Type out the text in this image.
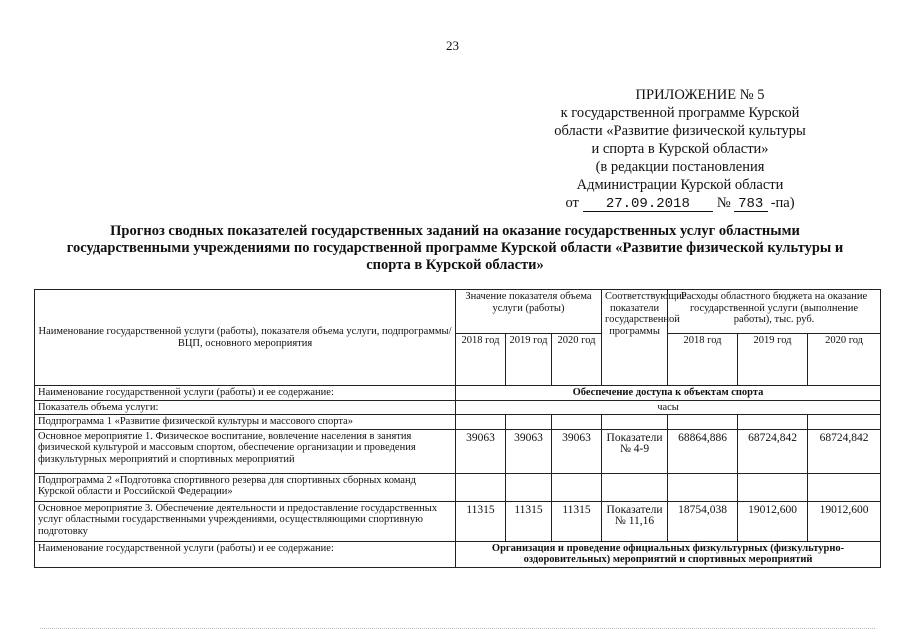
23
ПРИЛОЖЕНИЕ № 5
к государственной программе Курской
области «Развитие физической культуры
и спорта в Курской области»
(в редакции постановления
Администрации Курской области
от	27.09.2018	№ 783 -па)
Прогноз сводных показателей государственных заданий на оказание государственных услуг областными государственными учреждениями по государственной программе Курской области «Развитие физической культуры и спорта в Курской области»
Наименование государственной услуги (работы), показателя объема услуги, подпрограммы/ВЦП, основного мероприятия	Значение показателя объема услуги (работы)			Соответствующие показатели государственной программы	Расходы областного бюджета на оказание государственной услуги (выполнение работы), тыс. руб.		
	2018 год	2019 год	2020 год		2018 год	2019 год	2020 год
Наименование государственной услуги (работы) и ее содержание:	Обеспечение доступа к объектам спорта						
Показатель объема услуги:	часы						
Подпрограмма 1 «Развитие физической культуры и массового спорта»							
Основное мероприятие 1. Физическое воспитание, вовлечение населения в занятия физической культурой и массовым спортом, обеспечение организации и проведения физкультурных мероприятий и спортивных мероприятий	39063	39063	39063	Показатели № 4-9	68864,886	68724,842	68724,842
Подпрограмма 2 «Подготовка спортивного резерва для спортивных сборных команд Курской области и Российской Федерации»							
Основное мероприятие 3. Обеспечение деятельности и предоставление государственных услуг областными государственными учреждениями, осуществляющими спортивную подготовку	11315	11315	11315	Показатели № 11,16	18754,038	19012,600	19012,600
Наименование государственной услуги (работы) и ее содержание:	Организация и проведение официальных физкультурных (физкультурно-оздоровительных) мероприятий и спортивных мероприятий						
